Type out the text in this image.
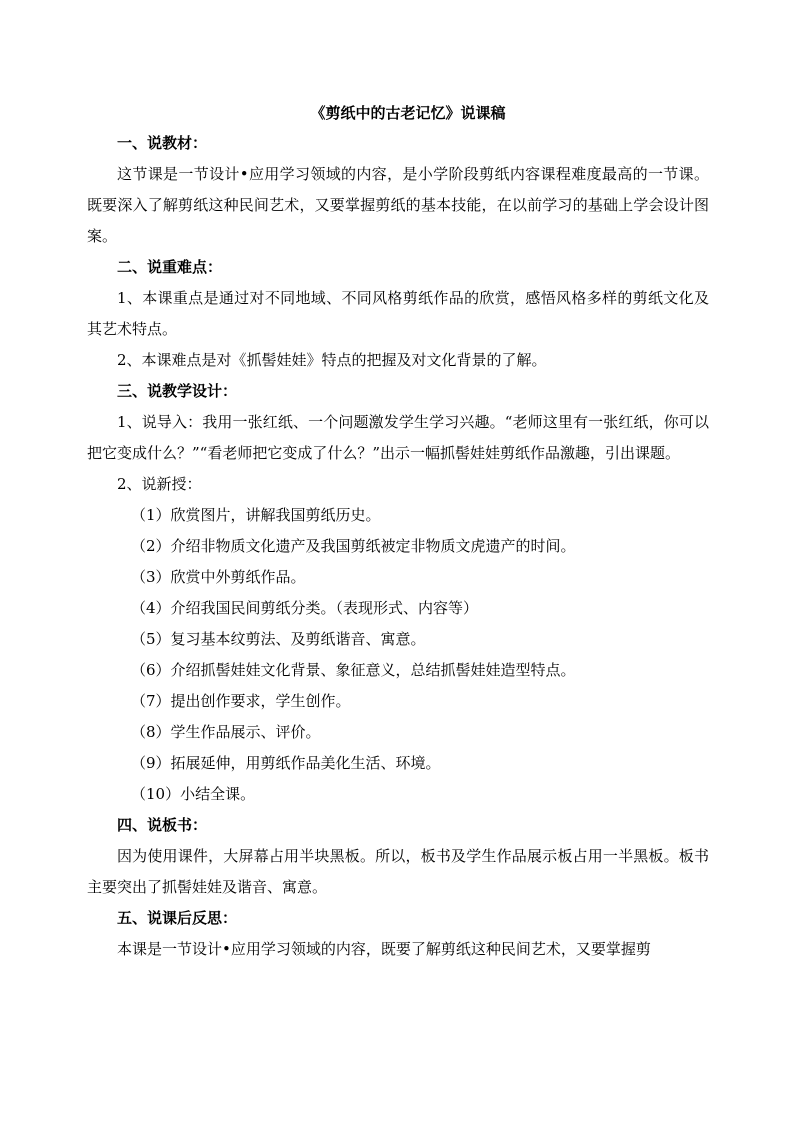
《剪纸中的古老记忆》说课稿

一、说教材：

这节课是一节设计•应用学习领域的内容，是小学阶段剪纸内容课程难度最高的一节课。既要深入了解剪纸这种民间艺术，又要掌握剪纸的基本技能，在以前学习的基础上学会设计图案。

二、说重难点：

1、本课重点是通过对不同地域、不同风格剪纸作品的欣赏，感悟风格多样的剪纸文化及其艺术特点。

2、本课难点是对《抓髻娃娃》特点的把握及对文化背景的了解。

三、说教学设计：

1、说导入：我用一张红纸、一个问题激发学生学习兴趣。“老师这里有一张红纸，你可以把它变成什么？”“看老师把它变成了什么？”出示一幅抓髻娃娃剪纸作品激趣，引出课题。

2、说新授：

（1）欣赏图片，讲解我国剪纸历史。

（2）介绍非物质文化遗产及我国剪纸被定非物质文虎遗产的时间。

（3）欣赏中外剪纸作品。

（4）介绍我国民间剪纸分类。（表现形式、内容等）

（5）复习基本纹剪法、及剪纸谐音、寓意。

（6）介绍抓髻娃娃文化背景、象征意义，总结抓髻娃娃造型特点。

（7）提出创作要求，学生创作。

（8）学生作品展示、评价。

（9）拓展延伸，用剪纸作品美化生活、环境。

（10）小结全课。

四、说板书：

因为使用课件，大屏幕占用半块黑板。所以，板书及学生作品展示板占用一半黑板。板书主要突出了抓髻娃娃及谐音、寓意。

五、说课后反思：

本课是一节设计•应用学习领域的内容，既要了解剪纸这种民间艺术，又要掌握剪
